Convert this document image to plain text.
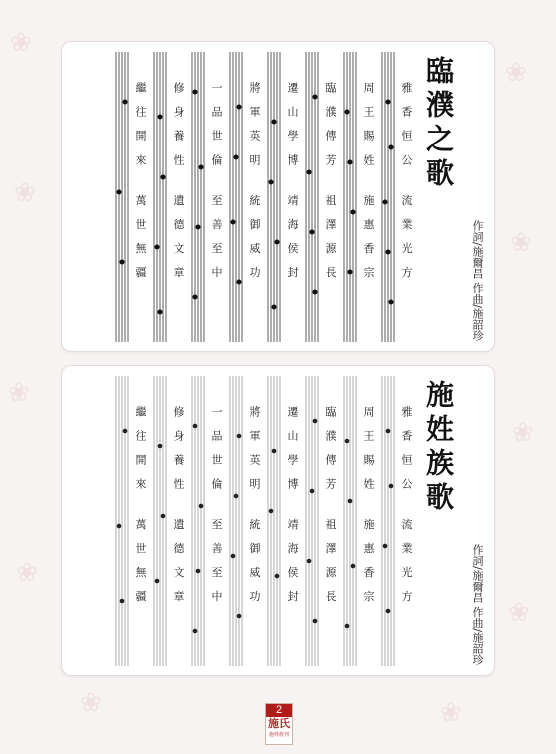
❀
❀
❀
❀
❀
❀
❀
❀
❀	❀
臨濮之歌
作詞/施爾昌 作曲/施韶珍
雅香恒公 流業光方
周王賜姓 施惠香宗
臨濮傳芳 祖澤源長
遷山學博 靖海侯封
將軍英明 統御威功
一品世倫 至善至中
修身養性 遺德文章
繼往開來 萬世無疆
施姓族歌
作詞/施爾昌 作曲/施韶珍
雅香恒公 流業光方
周王賜姓 施惠香宗
臨濮傳芳 祖澤源長
遷山學博 靖海侯封
將軍英明 統御威功
一品世倫 至善至中
修身養性 遺德文章
繼往開來 萬世無疆
2
施氏
施姓族刊
